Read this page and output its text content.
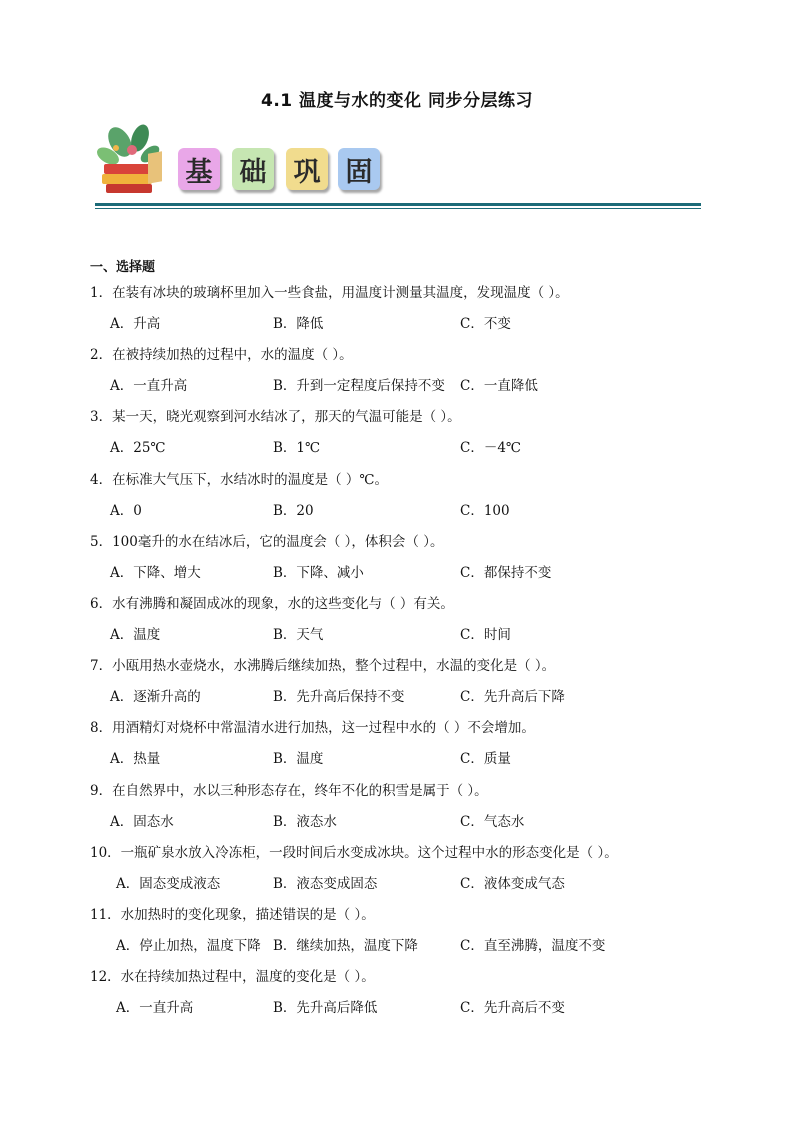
4.1 温度与水的变化 同步分层练习
基 础 巩 固
一、选择题
1．在装有冰块的玻璃杯里加入一些食盐，用温度计测量其温度，发现温度（ ）。
A．升高	B．降低	C．不变
2．在被持续加热的过程中，水的温度（ ）。
A．一直升高	B．升到一定程度后保持不变 C．一直降低
3．某一天，晓光观察到河水结冰了，那天的气温可能是（ ）。
A．25℃	B．1℃	C．－4℃
4．在标准大气压下，水结冰时的温度是（ ）℃。
A．0	B．20	C．100
5．100毫升的水在结冰后，它的温度会（ ），体积会（ ）。
A．下降、增大	B．下降、减小	C．都保持不变
6．水有沸腾和凝固成冰的现象，水的这些变化与（ ）有关。
A．温度	B．天气	C．时间
7．小瓯用热水壶烧水，水沸腾后继续加热，整个过程中，水温的变化是（ ）。
A．逐渐升高的	B．先升高后保持不变	C．先升高后下降
8．用酒精灯对烧杯中常温清水进行加热，这一过程中水的（ ）不会增加。
A．热量	B．温度	C．质量
9．在自然界中，水以三种形态存在，终年不化的积雪是属于（ ）。
A．固态水	B．液态水	C．气态水
10．一瓶矿泉水放入冷冻柜，一段时间后水变成冰块。这个过程中水的形态变化是（ ）。
A．固态变成液态	B．液态变成固态	C．液体变成气态
11．水加热时的变化现象，描述错误的是（ ）。
A．停止加热，温度下降 B．继续加热，温度下降	C．直至沸腾，温度不变
12．水在持续加热过程中，温度的变化是（ ）。
A．一直升高	B．先升高后降低	C．先升高后不变
